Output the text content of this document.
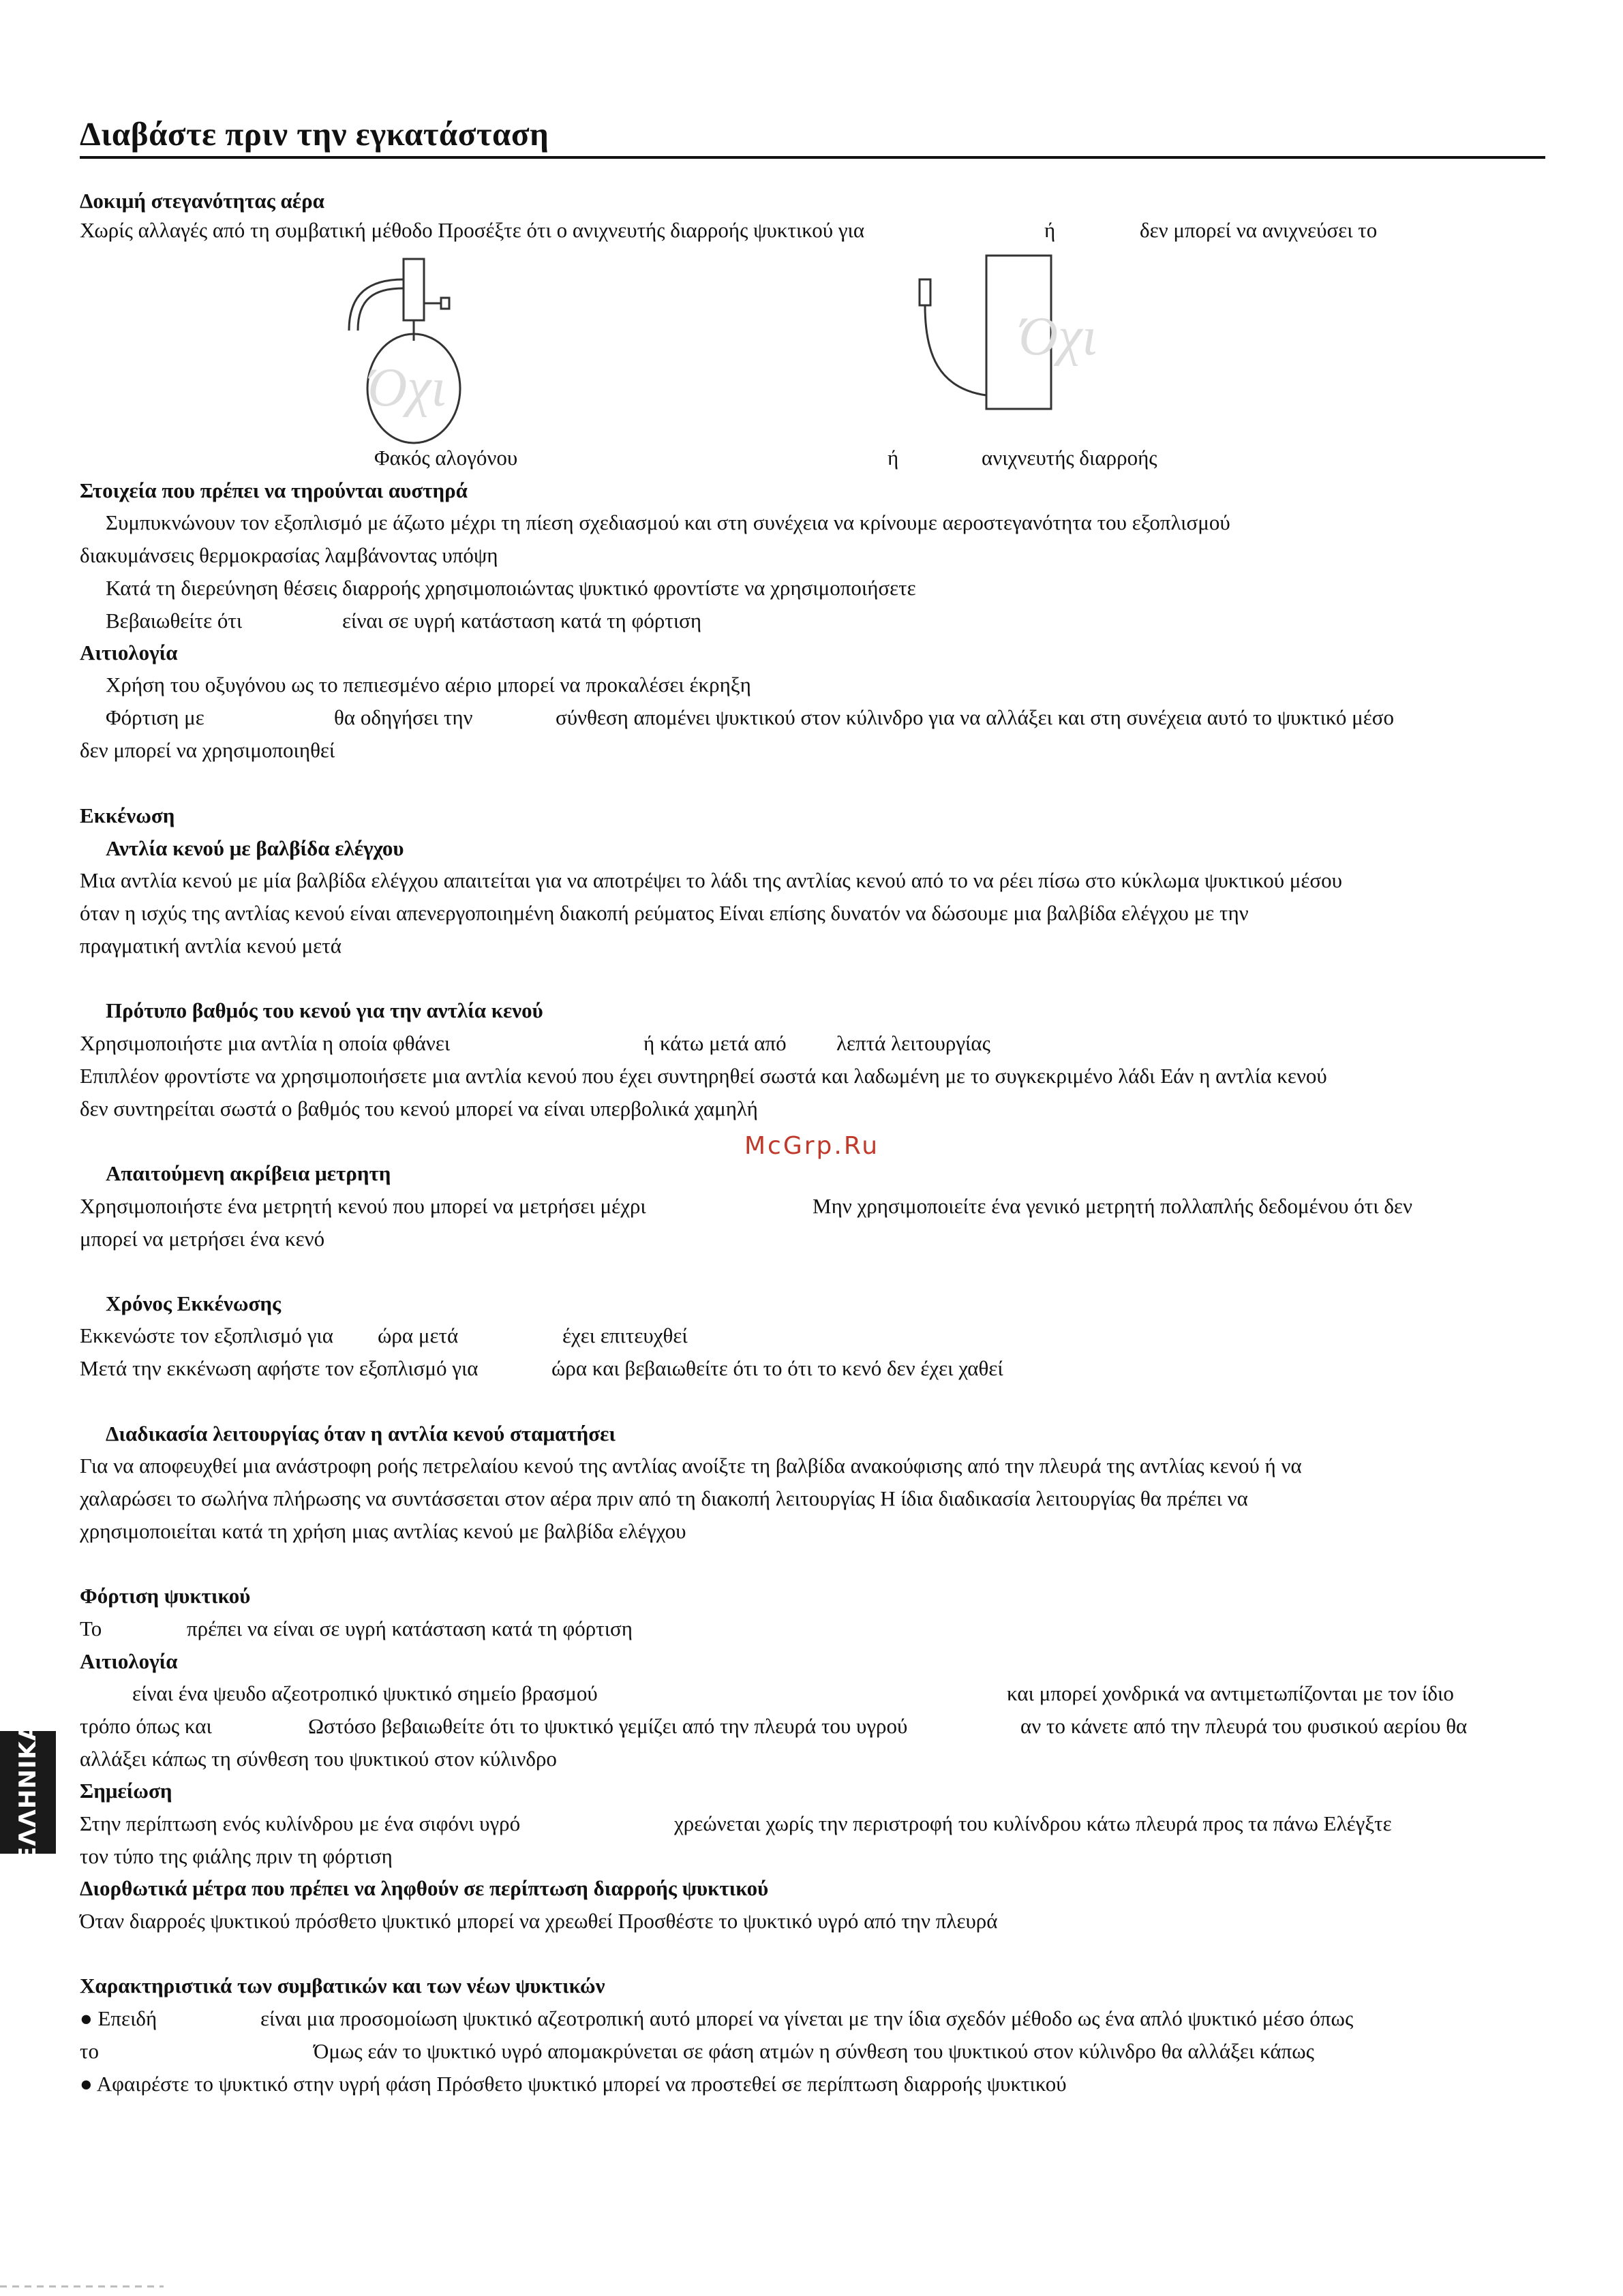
Διαβάστε πριν την εγκατάσταση
Δοκιμή στεγανότητας αέρα
Χωρίς αλλαγές από τη συμβατική μέθοδο Προσέξτε ότι ο ανιχνευτής διαρροής ψυκτικού για	ή	δεν μπορεί να ανιχνεύσει το
Όχι
Όχι
Φακός αλογόνου	ή	ανιχνευτής διαρροής
Στοιχεία που πρέπει να τηρούνται αυστηρά
Συμπυκνώνουν τον εξοπλισμό με άζωτο μέχρι τη πίεση σχεδιασμού και στη συνέχεια να κρίνουμε αεροστεγανότητα του εξοπλισμού
διακυμάνσεις θερμοκρασίας λαμβάνοντας υπόψη
Κατά τη διερεύνηση θέσεις διαρροής χρησιμοποιώντας ψυκτικό φροντίστε να χρησιμοποιήσετε
Βεβαιωθείτε ότι	είναι σε υγρή κατάσταση κατά τη φόρτιση
Αιτιολογία
Χρήση του οξυγόνου ως το πεπιεσμένο αέριο μπορεί να προκαλέσει έκρηξη
Φόρτιση με	θα οδηγήσει την	σύνθεση απομένει ψυκτικού στον κύλινδρο για να αλλάξει και στη συνέχεια αυτό το ψυκτικό μέσο
δεν μπορεί να χρησιμοποιηθεί
Εκκένωση
Αντλία κενού με βαλβίδα ελέγχου
Μια αντλία κενού με μία βαλβίδα ελέγχου απαιτείται για να αποτρέψει το λάδι της αντλίας κενού από το να ρέει πίσω στο κύκλωμα ψυκτικού μέσου
όταν η ισχύς της αντλίας κενού είναι απενεργοποιημένη διακοπή ρεύματος Είναι επίσης δυνατόν να δώσουμε μια βαλβίδα ελέγχου με την
πραγματική αντλία κενού μετά
Πρότυπο βαθμός του κενού για την αντλία κενού
Χρησιμοποιήστε μια αντλία η οποία φθάνει	ή κάτω μετά από λεπτά λειτουργίας
Επιπλέον φροντίστε να χρησιμοποιήσετε μια αντλία κενού που έχει συντηρηθεί σωστά και λαδωμένη με το συγκεκριμένο λάδι Εάν η αντλία κενού
δεν συντηρείται σωστά ο βαθμός του κενού μπορεί να είναι υπερβολικά χαμηλή
Απαιτούμενη ακρίβεια μετρητη
Χρησιμοποιήστε ένα μετρητή κενού που μπορεί να μετρήσει μέχρι	Μην χρησιμοποιείτε ένα γενικό μετρητή πολλαπλής δεδομένου ότι δεν
μπορεί να μετρήσει ένα κενό
Χρόνος Εκκένωσης
Εκκενώστε τον εξοπλισμό για ώρα μετά	έχει επιτευχθεί
Μετά την εκκένωση αφήστε τον εξοπλισμό για	ώρα και βεβαιωθείτε ότι το ότι το κενό δεν έχει χαθεί
Διαδικασία λειτουργίας όταν η αντλία κενού σταματήσει
Για να αποφευχθεί μια ανάστροφη ροής πετρελαίου κενού της αντλίας ανοίξτε τη βαλβίδα ανακούφισης από την πλευρά της αντλίας κενού ή να
χαλαρώσει το σωλήνα πλήρωσης να συντάσσεται στον αέρα πριν από τη διακοπή λειτουργίας Η ίδια διαδικασία λειτουργίας θα πρέπει να
χρησιμοποιείται κατά τη χρήση μιας αντλίας κενού με βαλβίδα ελέγχου
Φόρτιση ψυκτικού
Το	πρέπει να είναι σε υγρή κατάσταση κατά τη φόρτιση
Αιτιολογία
είναι ένα ψευδο αζεοτροπικό ψυκτικό σημείο βρασμού	και μπορεί χονδρικά να αντιμετωπίζονται με τον ίδιο
τρόπο όπως και	Ωστόσο βεβαιωθείτε ότι το ψυκτικό γεμίζει από την πλευρά του υγρού	αν το κάνετε από την πλευρά του φυσικού αερίου θα
αλλάξει κάπως τη σύνθεση του ψυκτικού στον κύλινδρο
Σημείωση
Στην περίπτωση ενός κυλίνδρου με ένα σιφόνι υγρό	χρεώνεται χωρίς την περιστροφή του κυλίνδρου κάτω πλευρά προς τα πάνω Ελέγξτε
τον τύπο της φιάλης πριν τη φόρτιση
Διορθωτικά μέτρα που πρέπει να ληφθούν σε περίπτωση διαρροής ψυκτικού
Όταν διαρροές ψυκτικού πρόσθετο ψυκτικό μπορεί να χρεωθεί Προσθέστε το ψυκτικό υγρό από την πλευρά
Χαρακτηριστικά των συμβατικών και των νέων ψυκτικών
● Επειδή	είναι μια προσομοίωση ψυκτικό αζεοτροπική αυτό μπορεί να γίνεται με την ίδια σχεδόν μέθοδο ως ένα απλό ψυκτικό μέσο όπως
το	Όμως εάν το ψυκτικό υγρό απομακρύνεται σε φάση ατμών η σύνθεση του ψυκτικού στον κύλινδρο θα αλλάξει κάπως
● Αφαιρέστε το ψυκτικό στην υγρή φάση Πρόσθετο ψυκτικό μπορεί να προστεθεί σε περίπτωση διαρροής ψυκτικού
McGrp.Ru
ΕΛΛΗΝΙΚΑ
